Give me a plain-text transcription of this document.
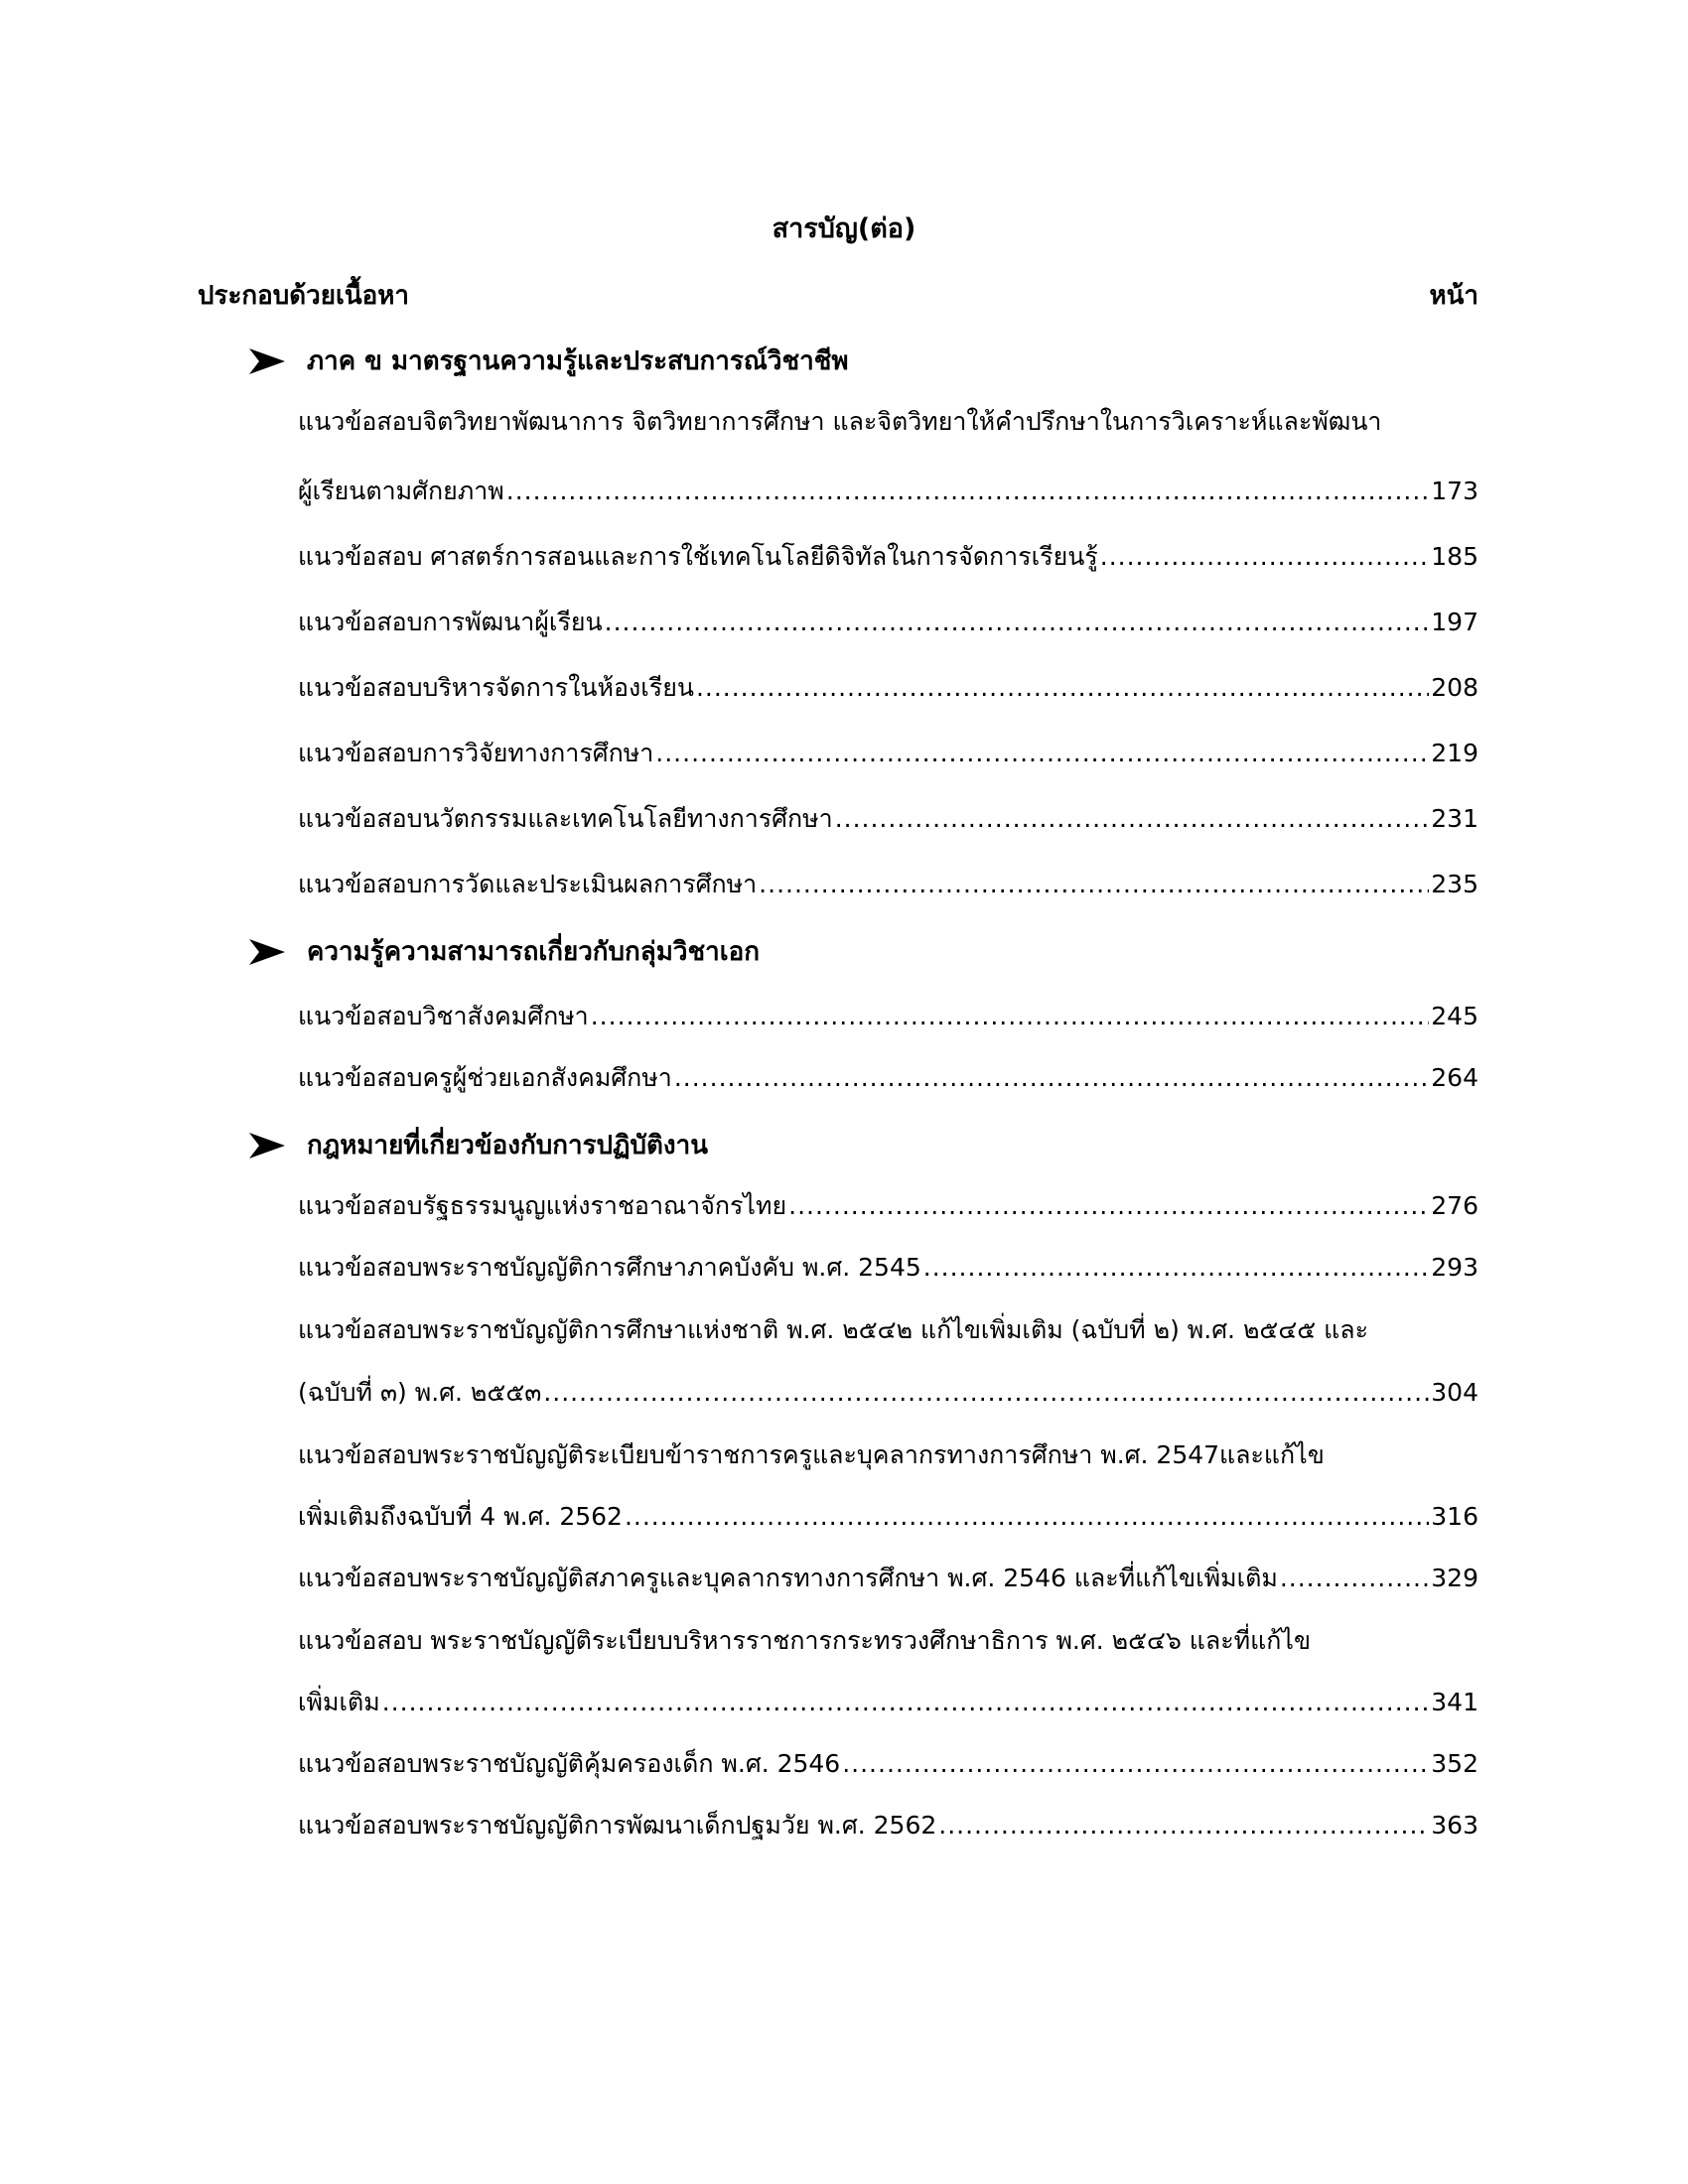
สารบัญ(ต่อ)
ประกอบด้วยเนื้อหา	หน้า
ภาค ข มาตรฐานความรู้และประสบการณ์วิชาชีพ
แนวข้อสอบจิตวิทยาพัฒนาการ จิตวิทยาการศึกษา และจิตวิทยาให้คำปรึกษาในการวิเคราะห์และพัฒนา
ผู้เรียนตามศักยภาพ .....	173
แนวข้อสอบ ศาสตร์การสอนและการใช้เทคโนโลยีดิจิทัลในการจัดการเรียนรู้ .....	185
แนวข้อสอบการพัฒนาผู้เรียน .....	197
แนวข้อสอบบริหารจัดการในห้องเรียน .....	208
แนวข้อสอบการวิจัยทางการศึกษา .....	219
แนวข้อสอบนวัตกรรมและเทคโนโลยีทางการศึกษา .....	231
แนวข้อสอบการวัดและประเมินผลการศึกษา .....	235
ความรู้ความสามารถเกี่ยวกับกลุ่มวิชาเอก
แนวข้อสอบวิชาสังคมศึกษา .....	245
แนวข้อสอบครูผู้ช่วยเอกสังคมศึกษา .....	264
กฎหมายที่เกี่ยวข้องกับการปฏิบัติงาน
แนวข้อสอบรัฐธรรมนูญแห่งราชอาณาจักรไทย .....	276
แนวข้อสอบพระราชบัญญัติการศึกษาภาคบังคับ พ.ศ. 2545 .....	293
แนวข้อสอบพระราชบัญญัติการศึกษาแห่งชาติ พ.ศ. ๒๕๔๒ แก้ไขเพิ่มเติม (ฉบับที่ ๒) พ.ศ. ๒๕๔๕ และ
(ฉบับที่ ๓) พ.ศ. ๒๕๕๓ .....	304
แนวข้อสอบพระราชบัญญัติระเบียบข้าราชการครูและบุคลากรทางการศึกษา พ.ศ. 2547และแก้ไข
เพิ่มเติมถึงฉบับที่ 4 พ.ศ. 2562 .....	316
แนวข้อสอบพระราชบัญญัติสภาครูและบุคลากรทางการศึกษา พ.ศ. 2546 และที่แก้ไขเพิ่มเติม .....	329
แนวข้อสอบ พระราชบัญญัติระเบียบบริหารราชการกระทรวงศึกษาธิการ พ.ศ. ๒๕๔๖ และที่แก้ไข
เพิ่มเติม .....	341
แนวข้อสอบพระราชบัญญัติคุ้มครองเด็ก พ.ศ. 2546 .....	352
แนวข้อสอบพระราชบัญญัติการพัฒนาเด็กปฐมวัย พ.ศ. 2562 .....	363
